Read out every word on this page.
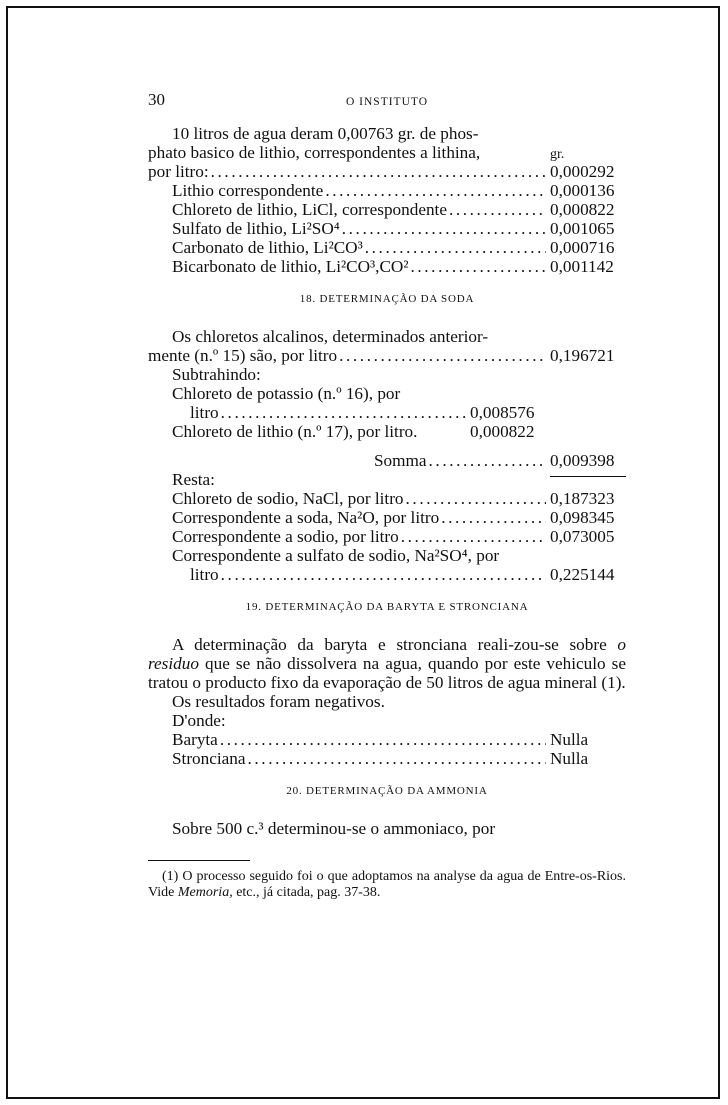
30	O INSTITUTO
10 litros de agua deram 0,00763 gr. de phos-
phato basico de lithio, correspondentes a lithina,	gr.
por litro: .....	0,000292
Lithio correspondente .....	0,000136
Chloreto de lithio, LiCl, correspondente .....	0,000822
Sulfato de lithio, Li²SO⁴ .....	0,001065
Carbonato de lithio, Li²CO³ .....	0,000716
Bicarbonato de lithio, Li²CO³,CO² .....	0,001142
18. DETERMINAÇÃO DA SODA
Os chloretos alcalinos, determinados anterior-
mente (n.º 15) são, por litro .....	0,196721
Subtrahindo:
Chloreto de potassio (n.º 16), por
litro .....	0,008576
Chloreto de lithio (n.º 17), por litro.	0,000822
Somma .....	0,009398
Resta:
Chloreto de sodio, NaCl, por litro .....	0,187323
Correspondente a soda, Na²O, por litro .....	0,098345
Correspondente a sodio, por litro .....	0,073005
Correspondente a sulfato de sodio, Na²SO⁴, por
litro .....	0,225144
19. DETERMINAÇÃO DA BARYTA E STRONCIANA

A determinação da baryta e stronciana reali-zou-se sobre o residuo que se não dissolvera na agua, quando por este vehiculo se tratou o producto fixo da evaporação de 50 litros de agua mineral (1).

Os resultados foram negativos.

D'onde:

Baryta .....	Nulla
Stronciana .....	Nulla
20. DETERMINAÇÃO DA AMMONIA

Sobre 500 c.³ determinou-se o ammoniaco, por

(1) O processo seguido foi o que adoptamos na analyse da agua de Entre-os-Rios. Vide Memoria, etc., já citada, pag. 37-38.
